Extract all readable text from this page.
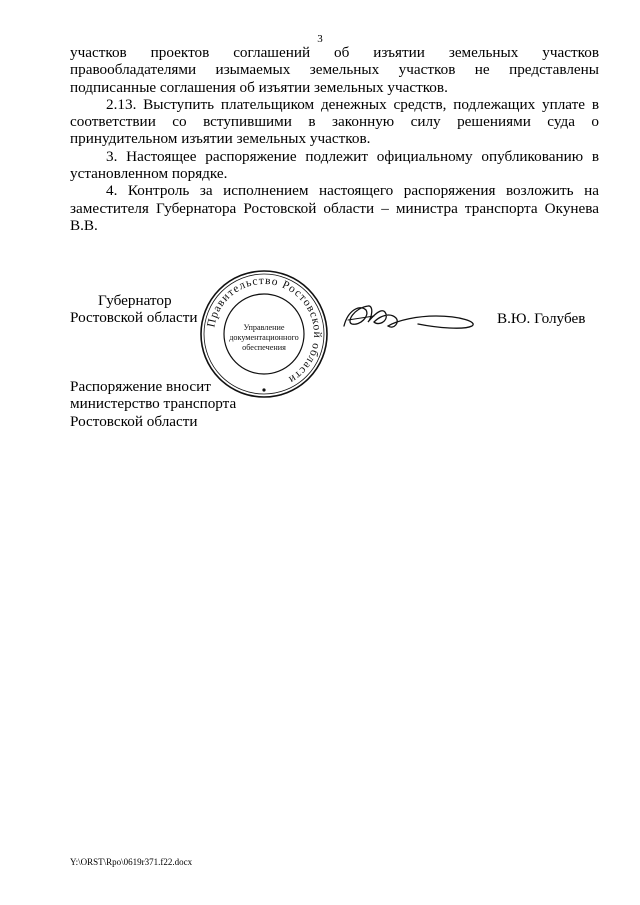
3

участков проектов соглашений об изъятии земельных участков правообладателями изымаемых земельных участков не представлены подписанные соглашения об изъятии земельных участков.

2.13. Выступить плательщиком денежных средств, подлежащих уплате в соответствии со вступившими в законную силу решениями суда о принудительном изъятии земельных участков.

3. Настоящее распоряжение подлежит официальному опубликованию в установленном порядке.

4. Контроль за исполнением настоящего распоряжения возложить на заместителя Губернатора Ростовской области – министра транспорта Окунева В.В.

Губернатор
Ростовской области Правительство Ростовской области
Управление
документационного
обеспечения
В.Ю. Голубев
Распоряжение вносит
министерство транспорта
Ростовской области
Y:\ORST\Rpo\0619r371.f22.docx
